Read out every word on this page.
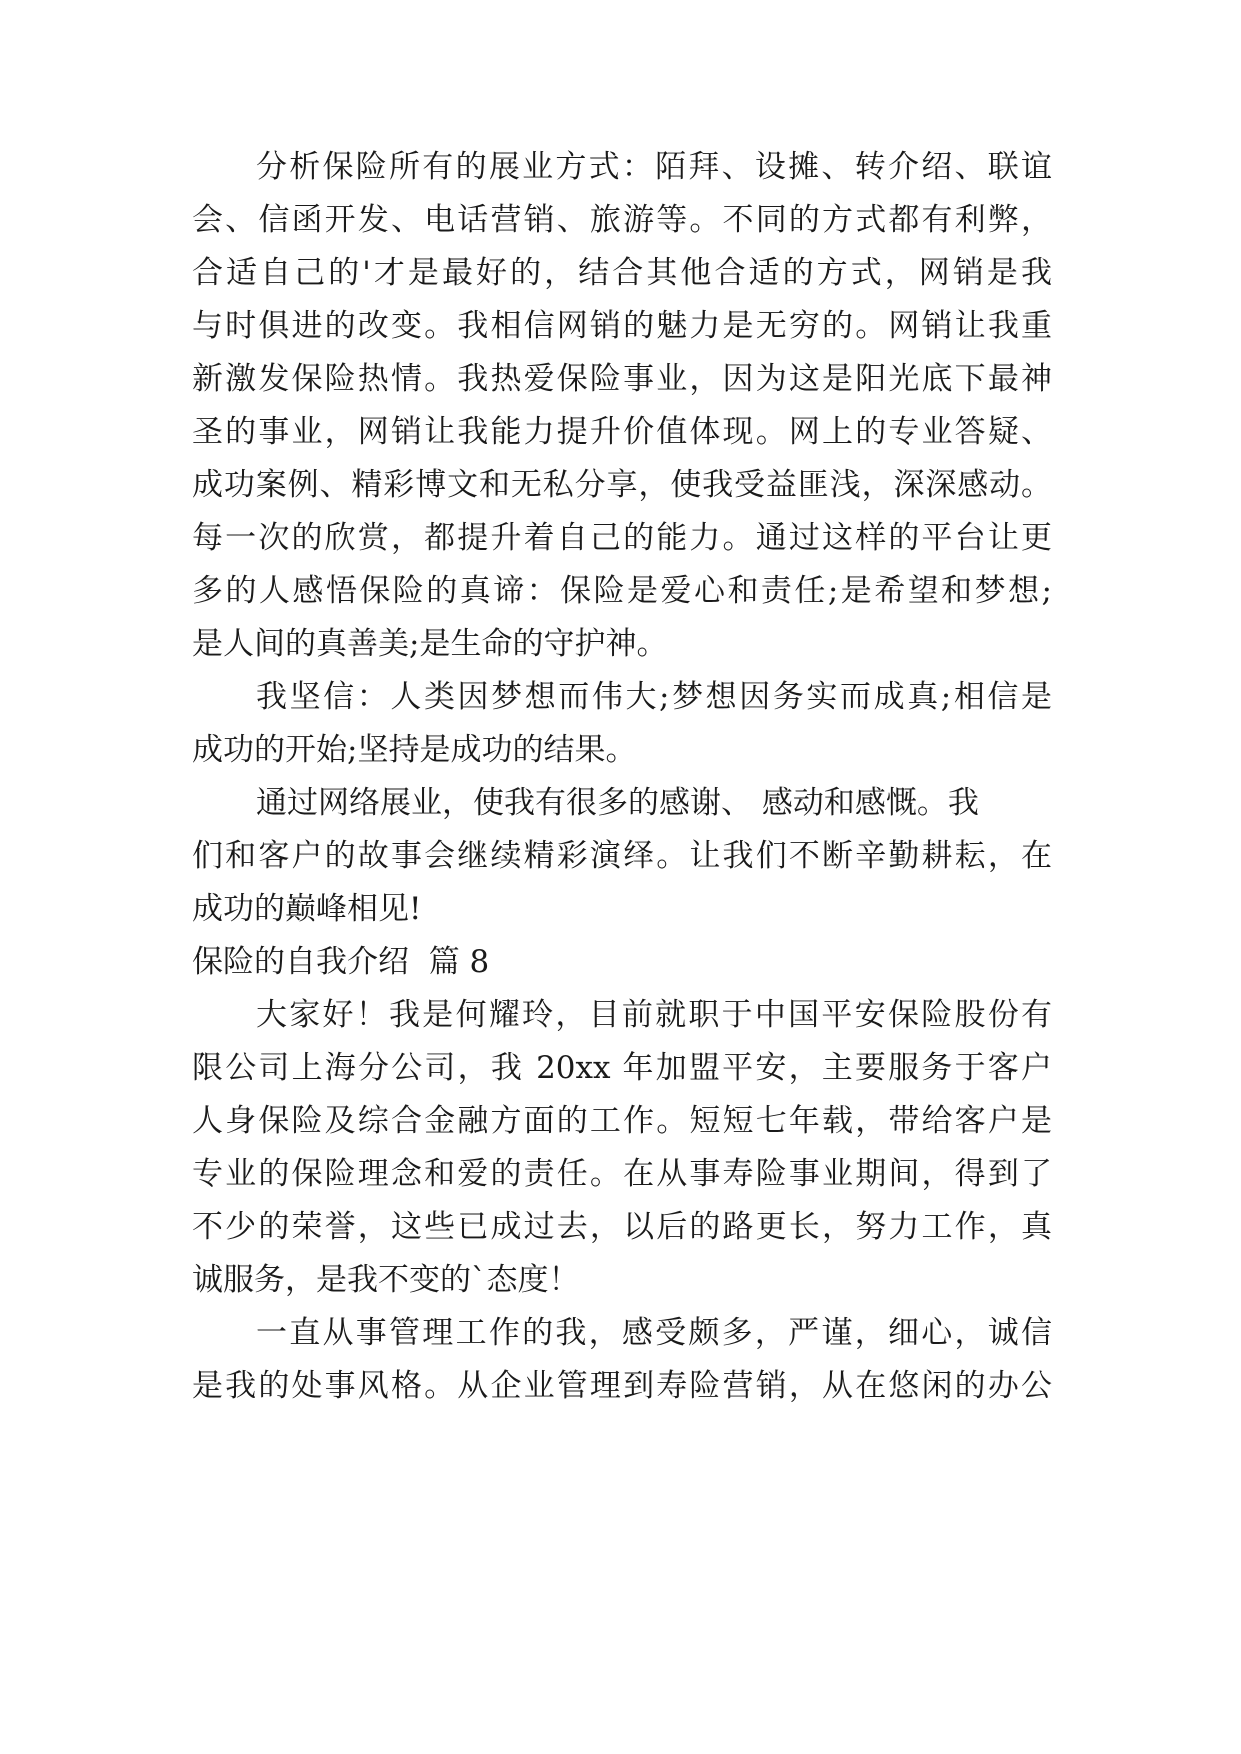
分析保险所有的展业方式：陌拜、设摊、转介绍、联谊
会、信函开发、电话营销、旅游等。不同的方式都有利弊，
合适自己的'才是最好的，结合其他合适的方式，网销是我
与时俱进的改变。我相信网销的魅力是无穷的。网销让我重
新激发保险热情。我热爱保险事业，因为这是阳光底下最神
圣的事业，网销让我能力提升价值体现。网上的专业答疑、
成功案例、精彩博文和无私分享，使我受益匪浅，深深感动。
每一次的欣赏，都提升着自己的能力。通过这样的平台让更
多的人感悟保险的真谛：保险是爱心和责任;是希望和梦想;
是人间的真善美;是生命的守护神。
我坚信：人类因梦想而伟大;梦想因务实而成真;相信是
成功的开始;坚持是成功的结果。
通过网络展业，使我有很多的感谢、 感动和感慨。我
们和客户的故事会继续精彩演绎。让我们不断辛勤耕耘，在
成功的巅峰相见!
保险的自我介绍  篇 8
大家好！我是何耀玲，目前就职于中国平安保险股份有
限公司上海分公司，我 20xx 年加盟平安，主要服务于客户
人身保险及综合金融方面的工作。短短七年载，带给客户是
专业的保险理念和爱的责任。在从事寿险事业期间，得到了
不少的荣誉，这些已成过去，以后的路更长，努力工作，真
诚服务，是我不变的`态度！
一直从事管理工作的我，感受颇多，严谨，细心，诚信
是我的处事风格。从企业管理到寿险营销，从在悠闲的办公
